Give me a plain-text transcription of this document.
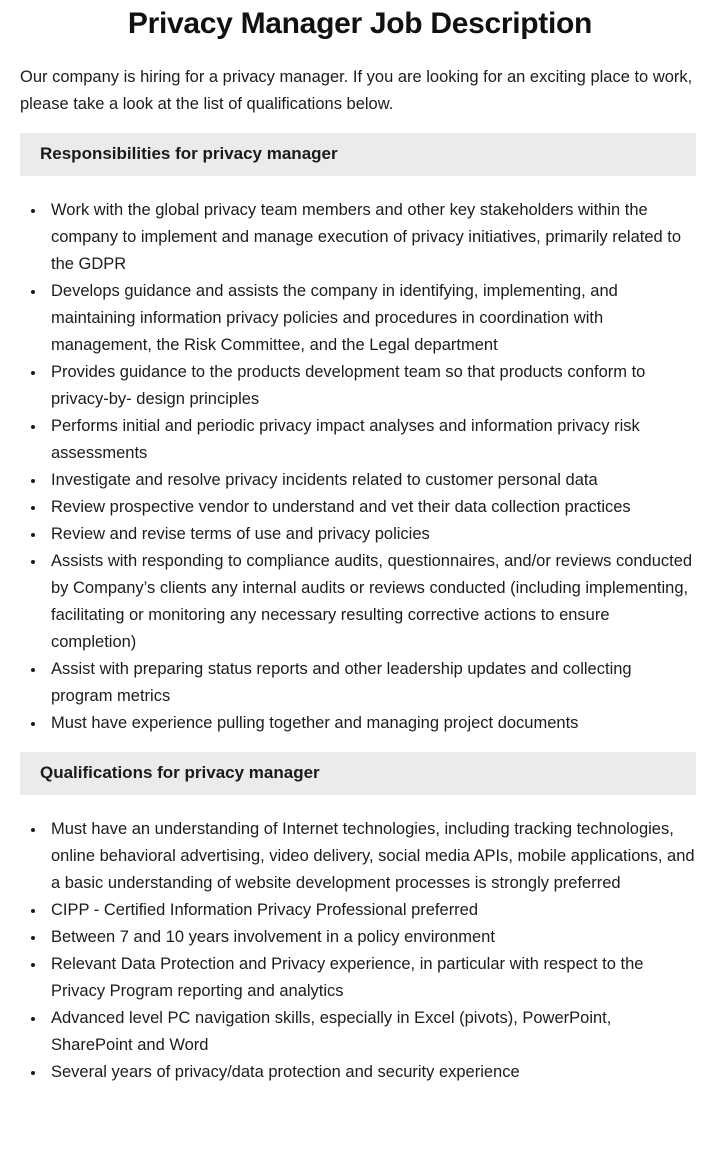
Privacy Manager Job Description

Our company is hiring for a privacy manager. If you are looking for an exciting place to work, please take a look at the list of qualifications below.

Responsibilities for privacy manager
• Work with the global privacy team members and other key stakeholders within the company to implement and manage execution of privacy initiatives, primarily related to the GDPR
• Develops guidance and assists the company in identifying, implementing, and maintaining information privacy policies and procedures in coordination with management, the Risk Committee, and the Legal department
• Provides guidance to the products development team so that products conform to privacy-by- design principles
• Performs initial and periodic privacy impact analyses and information privacy risk assessments
• Investigate and resolve privacy incidents related to customer personal data
• Review prospective vendor to understand and vet their data collection practices
• Review and revise terms of use and privacy policies
• Assists with responding to compliance audits, questionnaires, and/or reviews conducted by Company’s clients any internal audits or reviews conducted (including implementing, facilitating or monitoring any necessary resulting corrective actions to ensure completion)
• Assist with preparing status reports and other leadership updates and collecting program metrics
• Must have experience pulling together and managing project documents
Qualifications for privacy manager
• Must have an understanding of Internet technologies, including tracking technologies, online behavioral advertising, video delivery, social media APIs, mobile applications, and a basic understanding of website development processes is strongly preferred
• CIPP - Certified Information Privacy Professional preferred
• Between 7 and 10 years involvement in a policy environment
• Relevant Data Protection and Privacy experience, in particular with respect to the Privacy Program reporting and analytics
• Advanced level PC navigation skills, especially in Excel (pivots), PowerPoint, SharePoint and Word
• Several years of privacy/data protection and security experience
